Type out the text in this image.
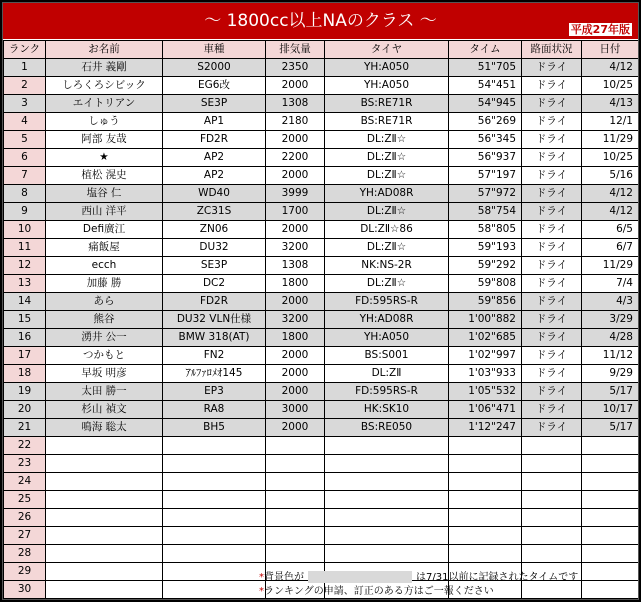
～ 1800cc以上NAのクラス ～	平成27年版
ランク	お名前	車種	排気量	タイヤ	タイム	路面状況	日付
1	石井 義剛	S2000	2350	YH:A050	51"705	ドライ	4/12
2	しろくろシビック	EG6改	2000	YH:A050	54"451	ドライ	10/25
3	エイトリアン	SE3P	1308	BS:RE71R	54"945	ドライ	4/13
4	しゅう	AP1	2180	BS:RE71R	56"269	ドライ	12/1
5	阿部 友哉	FD2R	2000	DL:ZⅡ☆	56"345	ドライ	11/29
6	★	AP2	2200	DL:ZⅡ☆	56"937	ドライ	10/25
7	植松 滉史	AP2	2000	DL:ZⅡ☆	57"197	ドライ	5/16
8	塩谷 仁	WD40	3999	YH:AD08R	57"972	ドライ	4/12
9	西山 洋平	ZC31S	1700	DL:ZⅡ☆	58"754	ドライ	4/12
10	Defi廣江	ZN06	2000	DL:ZⅡ☆86	58"805	ドライ	6/5
11	痛飯屋	DU32	3200	DL:ZⅡ☆	59"193	ドライ	6/7
12	ecch	SE3P	1308	NK:NS-2R	59"292	ドライ	11/29
13	加藤 勝	DC2	1800	DL:ZⅡ☆	59"808	ドライ	7/4
14	あら	FD2R	2000	FD:595RS-R	59"856	ドライ	4/3
15	熊谷	DU32 VLN仕様	3200	YH:AD08R	1'00"882	ドライ	3/29
16	湧井 公一	BMW 318(AT)	1800	YH:A050	1'02"685	ドライ	4/28
17	つかもと	FN2	2000	BS:S001	1'02"997	ドライ	11/12
18	早坂 明彦	ｱﾙﾌｧﾛﾒｵ145	2000	DL:ZⅡ	1'03"933	ドライ	9/29
19	太田 勝一	EP3	2000	FD:595RS-R	1'05"532	ドライ	5/17
20	杉山 禎文	RA8	3000	HK:SK10	1'06"471	ドライ	10/17
21	鳴海 聡太	BH5	2000	BS:RE050	1'12"247	ドライ	5/17
22							
23							
24							
25							
26							
27							
28							
29							
30							
*背景色が	は7/31以前に記録されたタイムです
*ランキングの申請、訂正のある方はご一報ください
